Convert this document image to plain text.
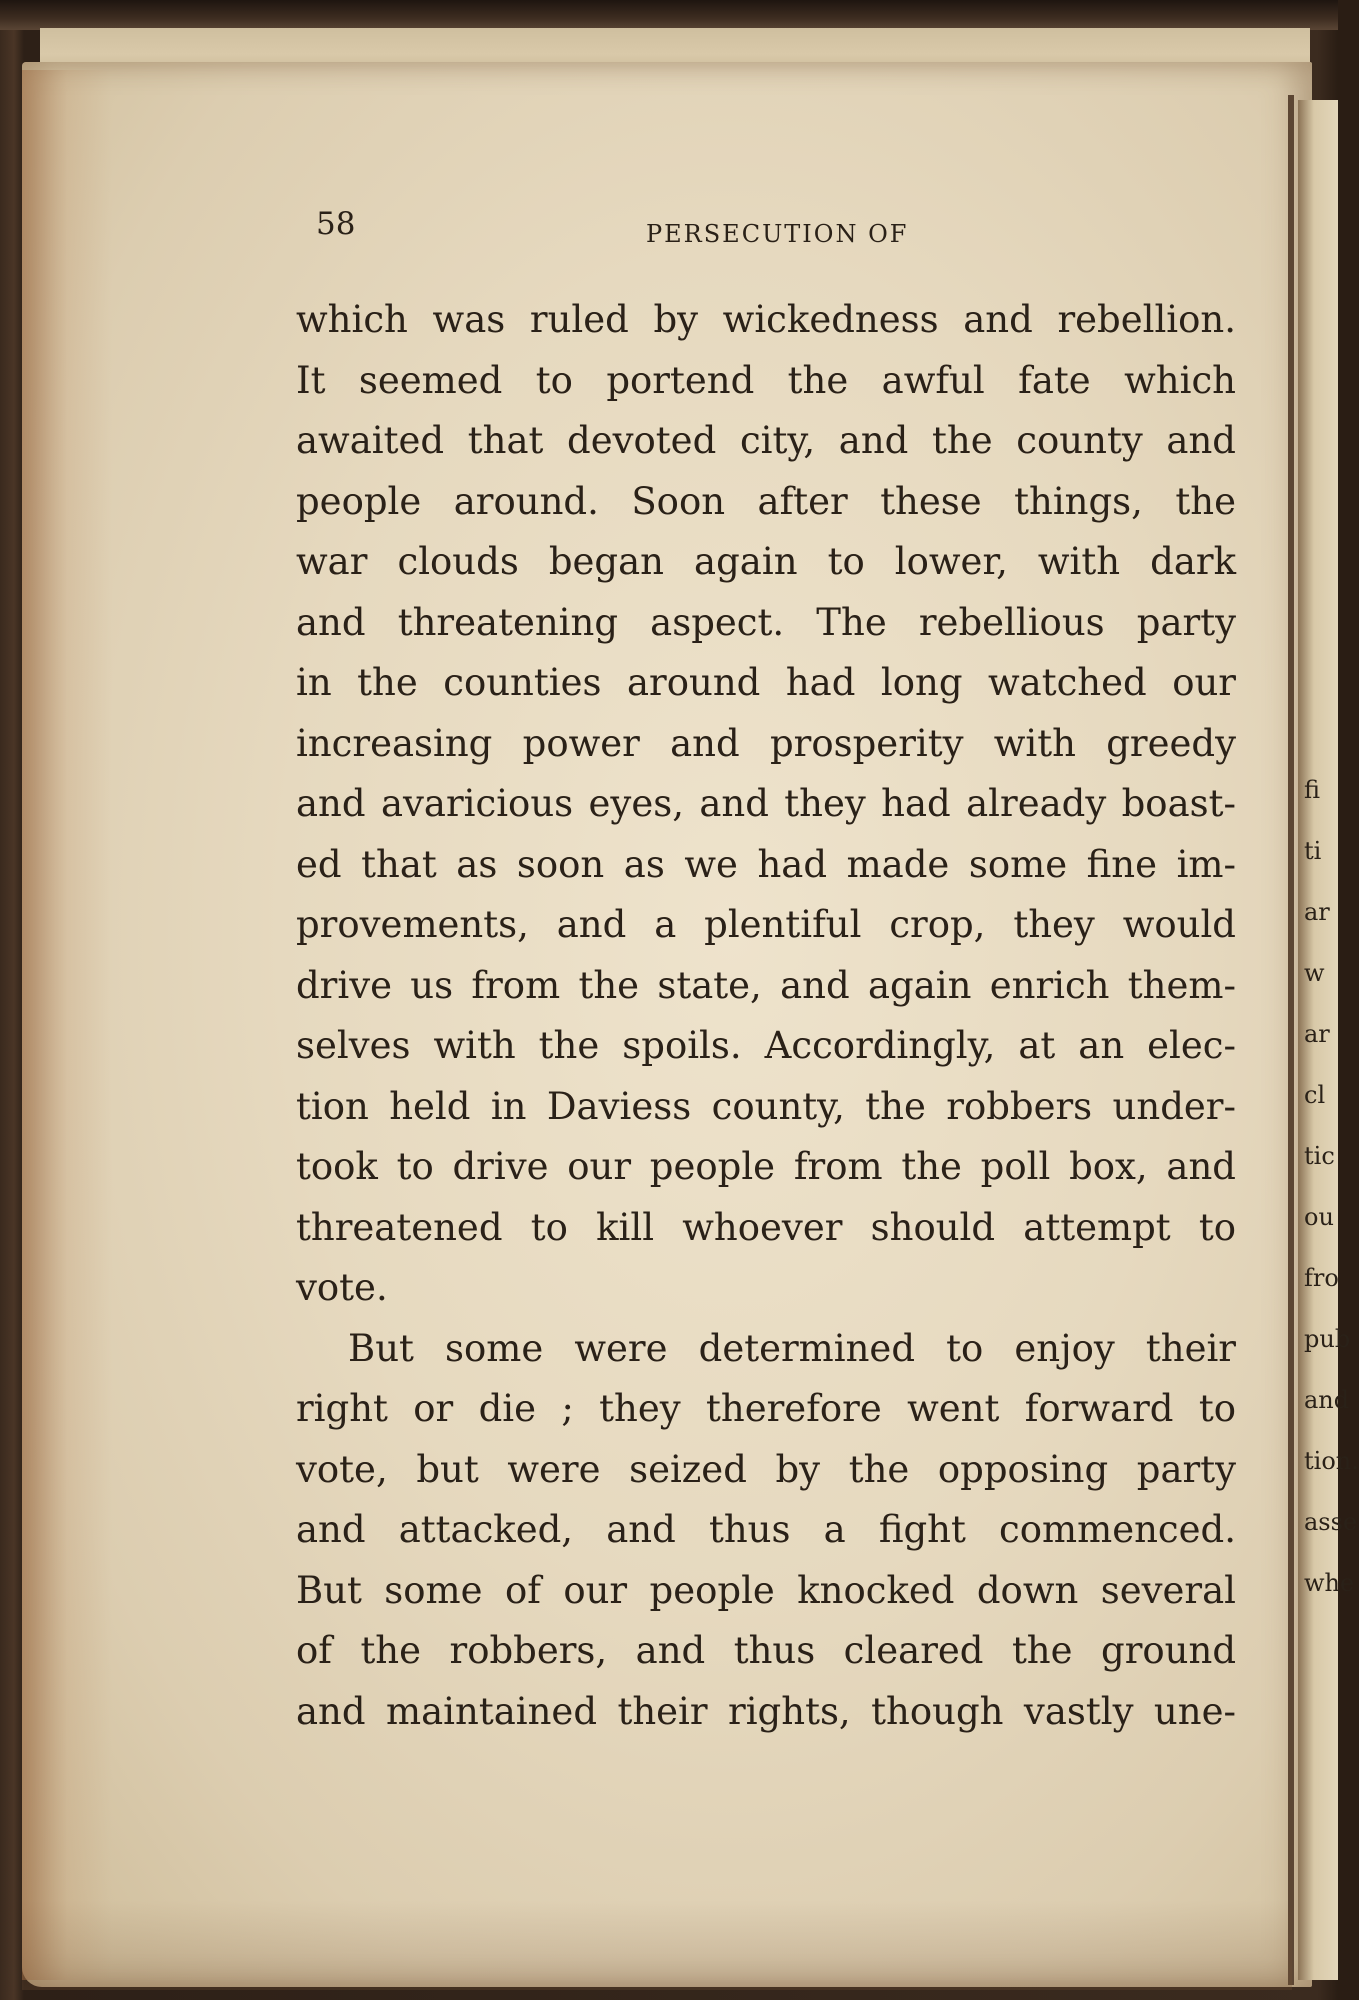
fi
ti
ar
w
ar
cl
tic
ou
fro
pub
and
tion.
asse
whe
58	PERSECUTION OF
which was ruled by wickedness and rebellion.
It seemed to portend the awful fate which
awaited that devoted city, and the county and
people around. Soon after these things, the
war clouds began again to lower, with dark
and threatening aspect. The rebellious party
in the counties around had long watched our
increasing power and prosperity with greedy
and avaricious eyes, and they had already boast-
ed that as soon as we had made some fine im-
provements, and a plentiful crop, they would
drive us from the state, and again enrich them-
selves with the spoils. Accordingly, at an elec-
tion held in Daviess county, the robbers under-
took to drive our people from the poll box, and
threatened to kill whoever should attempt to
vote.
But some were determined to enjoy their
right or die ; they therefore went forward to
vote, but were seized by the opposing party
and attacked, and thus a fight commenced.
But some of our people knocked down several
of the robbers, and thus cleared the ground
and maintained their rights, though vastly une-
